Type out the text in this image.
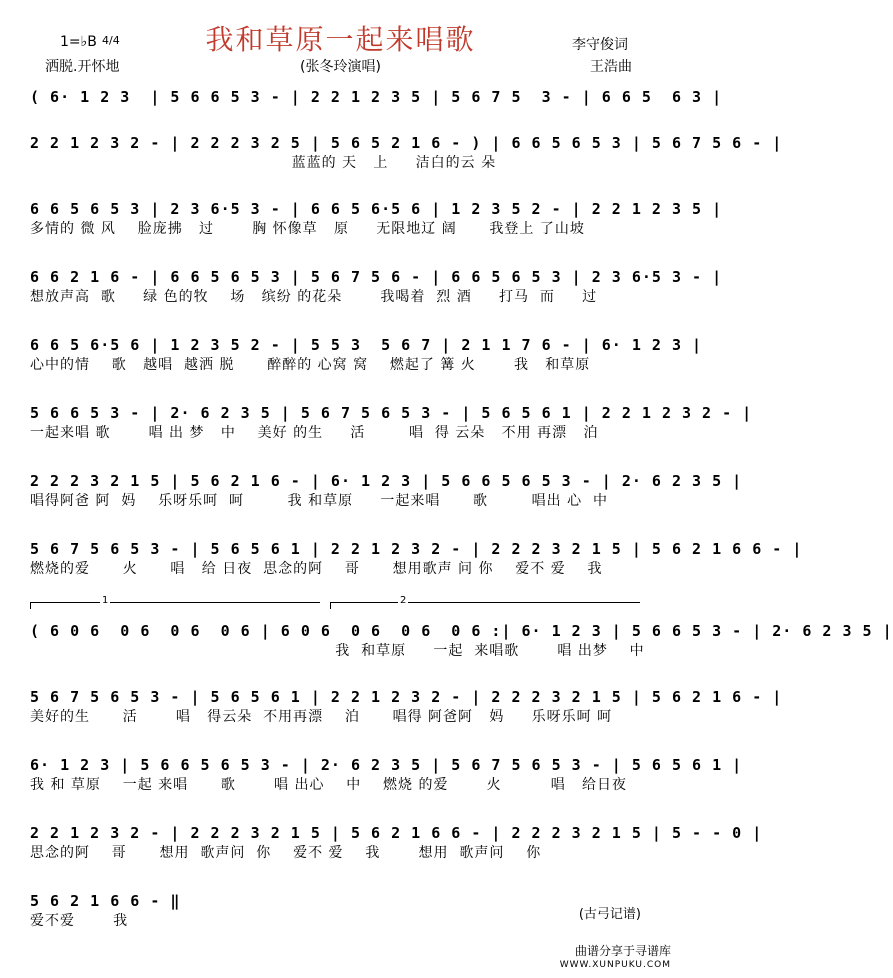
1=♭B 4/4
洒脱.开怀地
我和草原一起来唱歌
(张冬玲演唱)
李守俊词
王浩曲
( 6· 1 2 3  | 5 6 6 5 3 - | 2 2 1 2 3 5 | 5 6 7 5  3 - | 6 6 5  6 3 |
2 2 1 2 3 2 - | 2 2 2 3 2 5 | 5 6 5 2 1 6 - ) | 6 6 5 6 5 3 | 5 6 7 5 6 - |
蓝蓝的 天   上     洁白的云 朵
6 6 5 6 5 3 | 2 3 6·5 3 - | 6 6 5 6·5 6 | 1 2 3 5 2 - | 2 2 1 2 3 5 |
多情的 微 风    脸庞拂   过       胸 怀像草   原     无限地辽 阔      我登上 了山坡
6 6 2 1 6 - | 6 6 5 6 5 3 | 5 6 7 5 6 - | 6 6 5 6 5 3 | 2 3 6·5 3 - |
想放声高  歌     绿 色的牧    场   缤纷 的花朵       我喝着  烈 酒     打马  而     过
6 6 5 6·5 6 | 1 2 3 5 2 - | 5 5 3  5 6 7 | 2 1 1 7 6 - | 6· 1 2 3 |
心中的情    歌   越唱  越洒 脱      醉醉的 心窝 窝    燃起了 篝 火       我   和草原
5 6 6 5 3 - | 2· 6 2 3 5 | 5 6 7 5 6 5 3 - | 5 6 5 6 1 | 2 2 1 2 3 2 - |
一起来唱 歌       唱 出 梦   中    美好 的生     活        唱  得 云朵   不用 再漂   泊
2 2 2 3 2 1 5 | 5 6 2 1 6 - | 6· 1 2 3 | 5 6 6 5 6 5 3 - | 2· 6 2 3 5 |
唱得阿爸 阿  妈    乐呀乐呵  呵        我 和草原     一起来唱      歌        唱出 心  中
5 6 7 5 6 5 3 - | 5 6 5 6 1 | 2 2 1 2 3 2 - | 2 2 2 3 2 1 5 | 5 6 2 1 6 6 - |
燃烧的爱      火      唱   给 日夜  思念的阿    哥      想用歌声 问 你    爱不 爱    我
1	2
( 6 0 6  0 6  0 6  0 6 | 6 0 6  0 6  0 6  0 6 :| 6· 1 2 3 | 5 6 6 5 3 - | 2· 6 2 3 5 |
我  和草原     一起  来唱歌       唱 出梦    中
5 6 7 5 6 5 3 - | 5 6 5 6 1 | 2 2 1 2 3 2 - | 2 2 2 3 2 1 5 | 5 6 2 1 6 - |
美好的生      活       唱   得云朵  不用再漂    泊      唱得 阿爸阿   妈     乐呀乐呵 呵
6· 1 2 3 | 5 6 6 5 6 5 3 - | 2· 6 2 3 5 | 5 6 7 5 6 5 3 - | 5 6 5 6 1 |
我 和 草原    一起 来唱      歌       唱 出心    中    燃烧 的爱       火         唱   给日夜
2 2 1 2 3 2 - | 2 2 2 3 2 1 5 | 5 6 2 1 6 6 - | 2 2 2 3 2 1 5 | 5 - - 0 |
思念的阿    哥      想用  歌声问  你    爱不 爱    我       想用  歌声问    你
5 6 2 1 6 6 - ‖
爱不爱       我	(古弓记谱)
曲谱分享于寻谱库
WWW.XUNPUKU.COM
